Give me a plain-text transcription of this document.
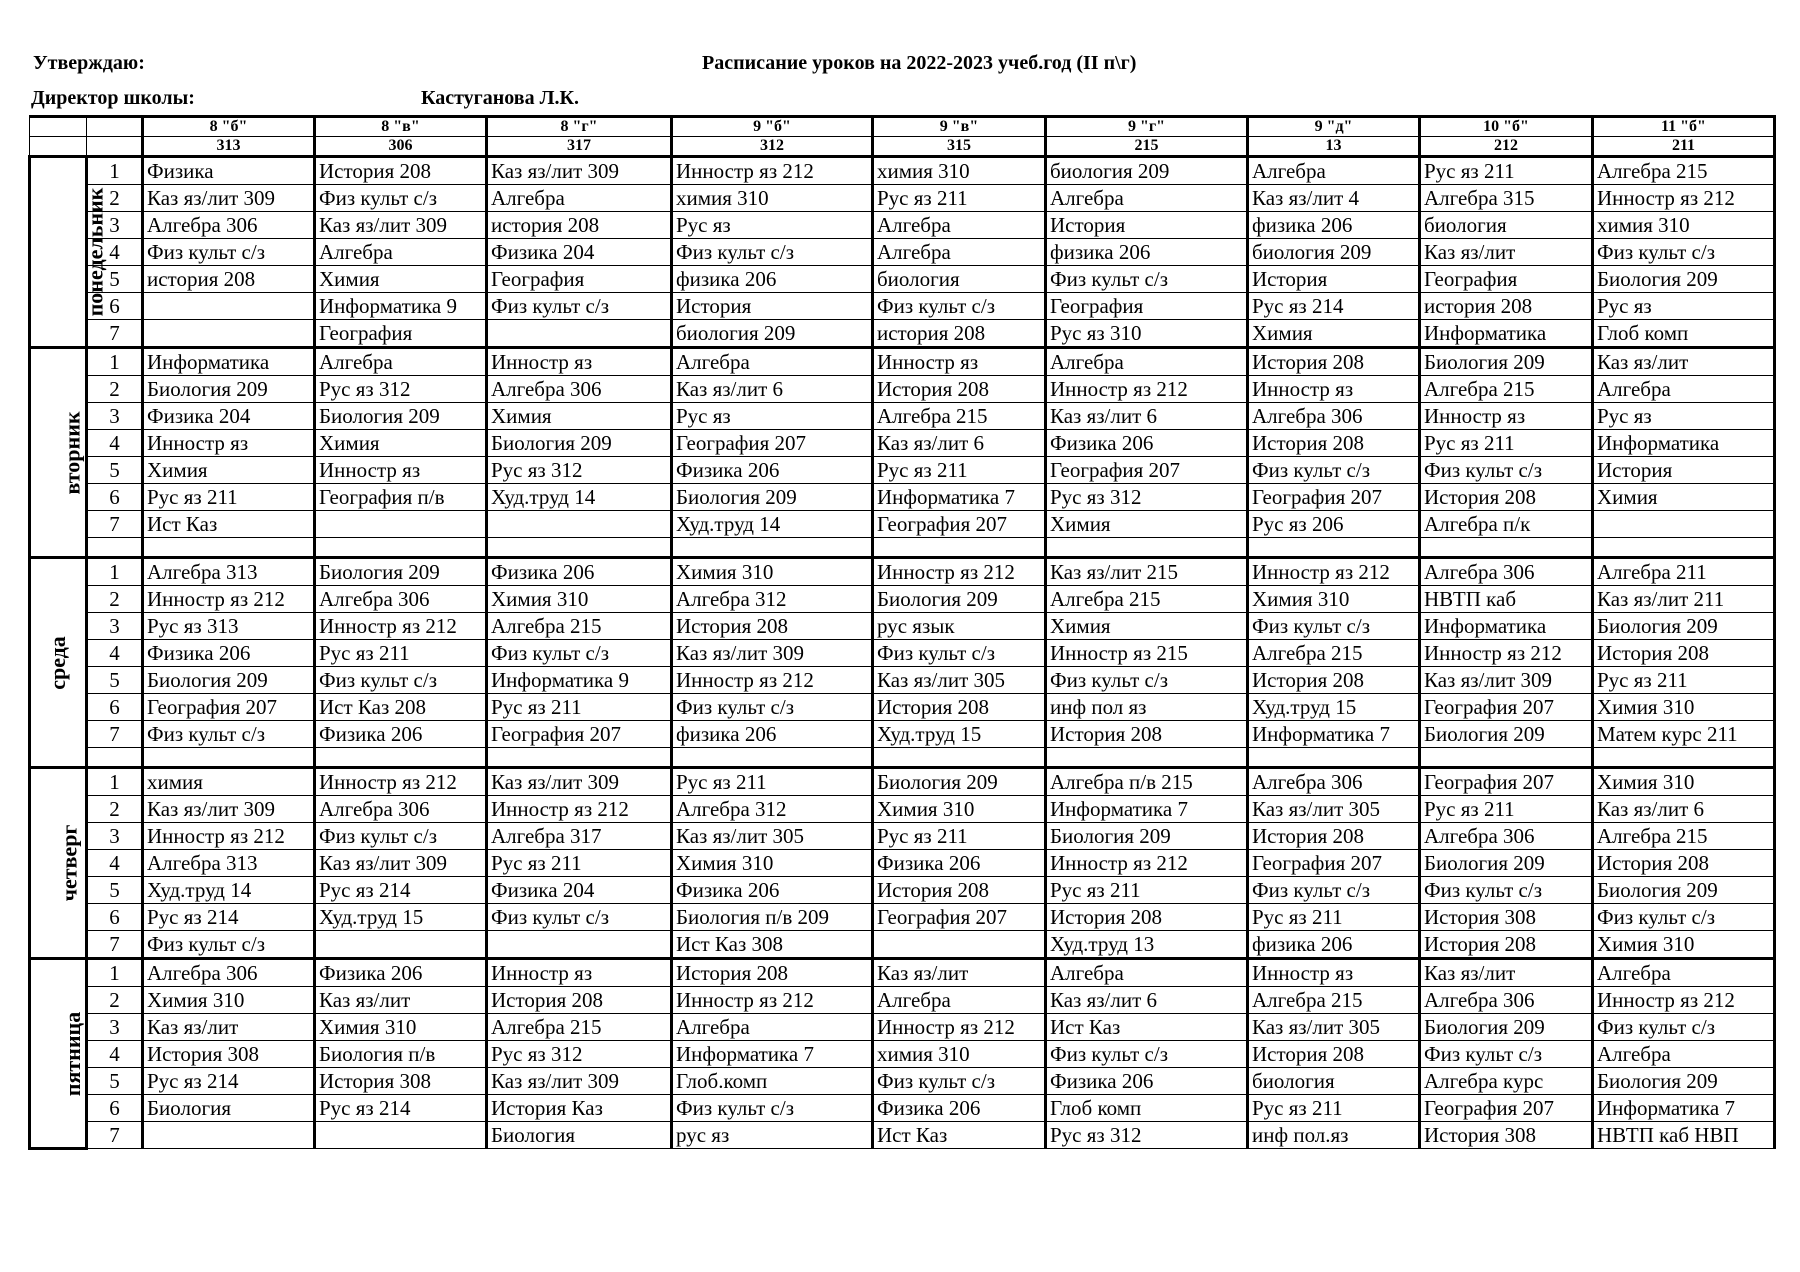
Утверждаю:	Расписание уроков на 2022-2023 учеб.год (II п\г)
Директор школы:	Кастуганова Л.К.
		8 "б"	8 "в"	8 "г"	9 "б"	9 "в"	9 "г"	9 "д"	10 "б"	11 "б"
		313	306	317	312	315	215	13	212	211
понедельник	1	Физика	История 208	Каз яз/лит 309	Инностр яз 212	химия 310	биология 209	Алгебра	Рус яз 211	Алгебра 215
	2	Каз яз/лит 309	Физ культ с/з	Алгебра	химия 310	Рус яз 211	Алгебра	Каз яз/лит 4	Алгебра 315	Инностр яз 212
	3	Алгебра 306	Каз яз/лит 309	история 208	Рус яз	Алгебра	История	физика 206	биология	химия 310
	4	Физ культ с/з	Алгебра	Физика 204	Физ культ с/з	Алгебра	физика 206	биология 209	Каз яз/лит	Физ культ с/з
	5	история 208	Химия	География	физика 206	биология	Физ культ с/з	История	География	Биология 209
	6		Информатика 9	Физ культ с/з	История	Физ культ с/з	География	Рус яз 214	история 208	Рус яз
	7		География		биология 209	история 208	Рус яз 310	Химия	Информатика	Глоб комп
вторник	1	Информатика	Алгебра	Инностр яз	Алгебра	Инностр яз	Алгебра	История 208	Биология 209	Каз яз/лит
	2	Биология 209	Рус яз 312	Алгебра 306	Каз яз/лит 6	История 208	Инностр яз 212	Инностр яз	Алгебра 215	Алгебра
	3	Физика 204	Биология 209	Химия	Рус яз	Алгебра 215	Каз яз/лит 6	Алгебра 306	Инностр яз	Рус яз
	4	Инностр яз	Химия	Биология 209	География 207	Каз яз/лит 6	Физика 206	История 208	Рус яз 211	Информатика
	5	Химия	Инностр яз	Рус яз 312	Физика 206	Рус яз 211	География 207	Физ культ с/з	Физ культ с/з	История
	6	Рус яз 211	География п/в	Худ.труд 14	Биология 209	Информатика 7	Рус яз 312	География 207	История 208	Химия
	7	Ист Каз			Худ.труд 14	География 207	Химия	Рус яз 206	Алгебра п/к	

среда	1	Алгебра 313	Биология 209	Физика 206	Химия 310	Инностр яз 212	Каз яз/лит 215	Инностр яз 212	Алгебра 306	Алгебра 211
	2	Инностр яз 212	Алгебра 306	Химия 310	Алгебра 312	Биология 209	Алгебра 215	Химия 310	НВТП каб	Каз яз/лит 211
	3	Рус яз 313	Инностр яз 212	Алгебра 215	История 208	рус язык	Химия	Физ культ с/з	Информатика	Биология 209
	4	Физика 206	Рус яз 211	Физ культ с/з	Каз яз/лит 309	Физ культ с/з	Инностр яз 215	Алгебра 215	Инностр яз 212	История 208
	5	Биология 209	Физ культ с/з	Информатика 9	Инностр яз 212	Каз яз/лит 305	Физ культ с/з	История 208	Каз яз/лит 309	Рус яз 211
	6	География 207	Ист Каз 208	Рус яз 211	Физ культ с/з	История 208	инф пол яз	Худ.труд 15	География 207	Химия 310
	7	Физ культ с/з	Физика 206	География 207	физика 206	Худ.труд 15	История 208	Информатика 7	Биология 209	Матем курс 211

четверг	1	химия	Инностр яз 212	Каз яз/лит 309	Рус яз 211	Биология 209	Алгебра п/в 215	Алгебра 306	География 207	Химия 310
	2	Каз яз/лит 309	Алгебра 306	Инностр яз 212	Алгебра 312	Химия 310	Информатика 7	Каз яз/лит 305	Рус яз 211	Каз яз/лит 6
	3	Инностр яз 212	Физ культ с/з	Алгебра 317	Каз яз/лит 305	Рус яз 211	Биология 209	История 208	Алгебра 306	Алгебра 215
	4	Алгебра 313	Каз яз/лит 309	Рус яз 211	Химия 310	Физика 206	Инностр яз 212	География 207	Биология 209	История 208
	5	Худ.труд 14	Рус яз 214	Физика 204	Физика 206	История 208	Рус яз 211	Физ культ с/з	Физ культ с/з	Биология 209
	6	Рус яз 214	Худ.труд 15	Физ культ с/з	Биология п/в 209	География 207	История 208	Рус яз 211	История 308	Физ культ с/з
	7	Физ культ с/з			Ист Каз 308		Худ.труд 13	физика 206	История 208	Химия 310
пятница	1	Алгебра 306	Физика 206	Инностр яз	История 208	Каз яз/лит	Алгебра	Инностр яз	Каз яз/лит	Алгебра
	2	Химия 310	Каз яз/лит	История 208	Инностр яз 212	Алгебра	Каз яз/лит 6	Алгебра 215	Алгебра 306	Инностр яз 212
	3	Каз яз/лит	Химия 310	Алгебра 215	Алгебра	Инностр яз 212	Ист Каз	Каз яз/лит 305	Биология 209	Физ культ с/з
	4	История 308	Биология п/в	Рус яз 312	Информатика 7	химия 310	Физ культ с/з	История 208	Физ культ с/з	Алгебра
	5	Рус яз 214	История 308	Каз яз/лит 309	Глоб.комп	Физ культ с/з	Физика 206	биология	Алгебра курс	Биология 209
	6	Биология	Рус яз 214	История Каз	Физ культ с/з	Физика 206	Глоб комп	Рус яз 211	География 207	Информатика 7
	7			Биология	рус яз	Ист Каз	Рус яз 312	инф пол.яз	История 308	НВТП каб НВП
